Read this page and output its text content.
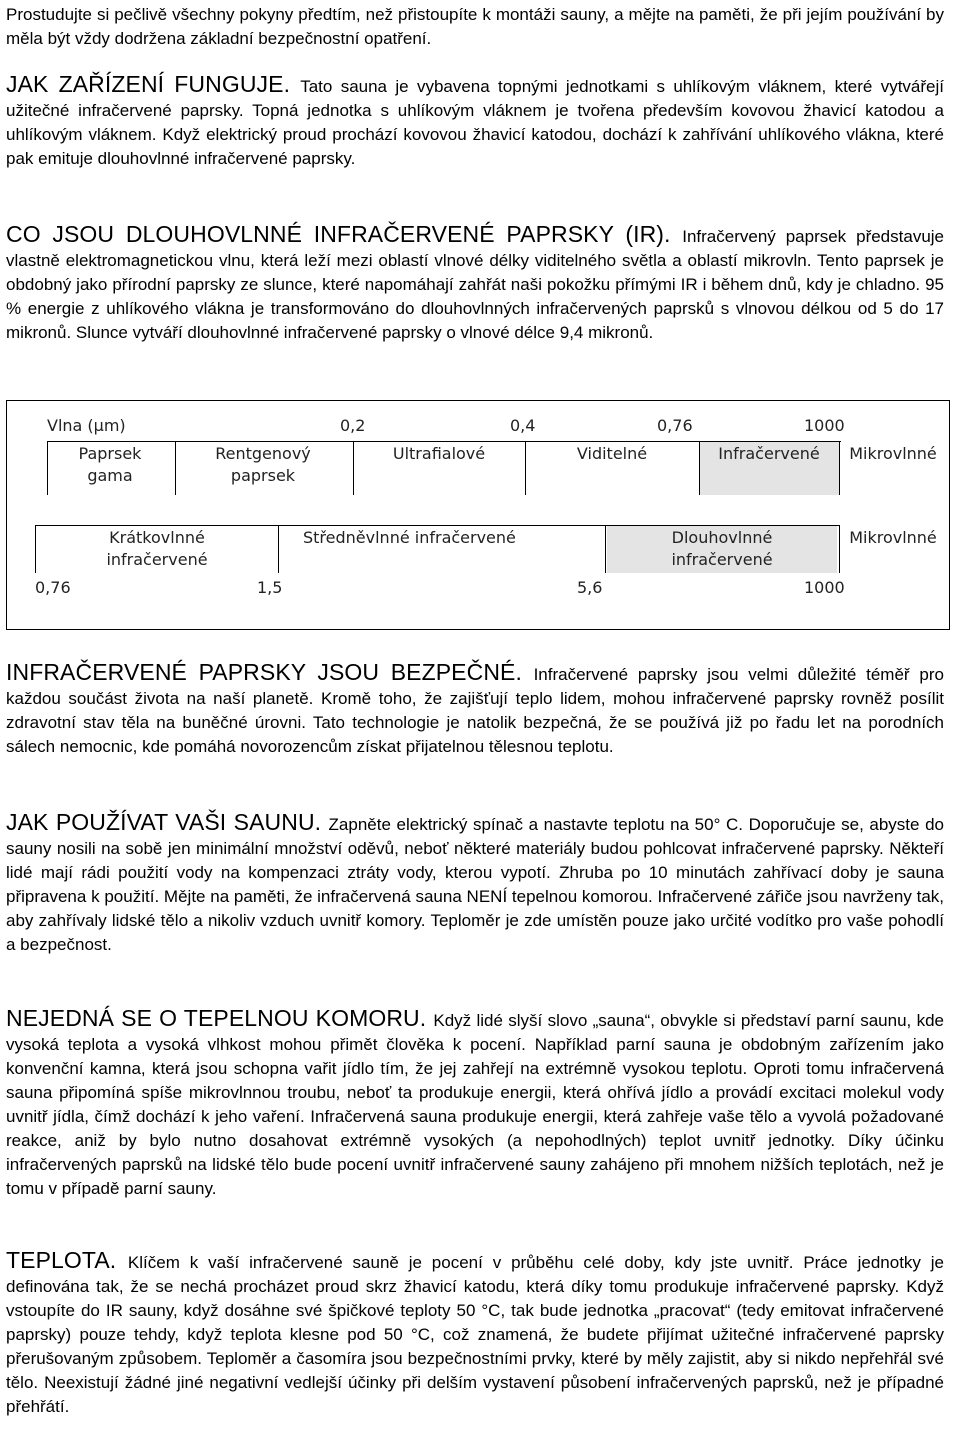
Prostudujte si pečlivě všechny pokyny předtím, než přistoupíte k montáži sauny, a mějte na paměti, že při jejím používání by měla být vždy dodržena základní bezpečnostní opatření.

JAK ZAŘÍZENÍ FUNGUJE. Tato sauna je vybavena topnými jednotkami s uhlíkovým vláknem, které vytvářejí užitečné infračervené paprsky. Topná jednotka s uhlíkovým vláknem je tvořena především kovovou žhavicí katodou a uhlíkovým vláknem. Když elektrický proud prochází kovovou žhavicí katodou, dochází k zahřívání uhlíkového vlákna, které pak emituje dlouhovlnné infračervené paprsky.

CO JSOU DLOUHOVLNNÉ INFRAČERVENÉ PAPRSKY (IR). Infračervený paprsek představuje vlastně elektromagnetickou vlnu, která leží mezi oblastí vlnové délky viditelného světla a oblastí mikrovln. Tento paprsek je obdobný jako přírodní paprsky ze slunce, které napomáhají zahřát naši pokožku přímými IR i během dnů, kdy je chladno. 95 % energie z uhlíkového vlákna je transformováno do dlouhovlnných infračervených paprsků s vlnovou délkou od 5 do 17 mikronů. Slunce vytváří dlouhovlnné infračervené paprsky o vlnové délce 9,4 mikronů.

Vlna (µm)	0,2	0,4	0,76	1000
Paprsek gama
Rentgenový paprsek
Ultrafialové	Viditelné	Infračervené	Mikrovlnné
Krátkovlnné infračervené
Středněvlnné infračervené	Dlouhovlnné infračervené
Mikrovlnné
0,76	1,5	5,6	1000

INFRAČERVENÉ PAPRSKY JSOU BEZPEČNÉ. Infračervené paprsky jsou velmi důležité téměř pro každou součást života na naší planetě. Kromě toho, že zajišťují teplo lidem, mohou infračervené paprsky rovněž posílit zdravotní stav těla na buněčné úrovni. Tato technologie je natolik bezpečná, že se používá již po řadu let na porodních sálech nemocnic, kde pomáhá novorozencům získat přijatelnou tělesnou teplotu.

JAK POUŽÍVAT VAŠI SAUNU. Zapněte elektrický spínač a nastavte teplotu na 50° C. Doporučuje se, abyste do sauny nosili na sobě jen minimální množství oděvů, neboť některé materiály budou pohlcovat infračervené paprsky. Někteří lidé mají rádi použití vody na kompenzaci ztráty vody, kterou vypotí. Zhruba po 10 minutách zahřívací doby je sauna připravena k použití. Mějte na paměti, že infračervená sauna NENÍ tepelnou komorou. Infračervené zářiče jsou navrženy tak, aby zahřívaly lidské tělo a nikoliv vzduch uvnitř komory. Teploměr je zde umístěn pouze jako určité vodítko pro vaše pohodlí a bezpečnost.

NEJEDNÁ SE O TEPELNOU KOMORU. Když lidé slyší slovo „sauna“, obvykle si představí parní saunu, kde vysoká teplota a vysoká vlhkost mohou přimět člověka k pocení. Například parní sauna je obdobným zařízením jako konvenční kamna, která jsou schopna vařit jídlo tím, že jej zahřejí na extrémně vysokou teplotu. Oproti tomu infračervená sauna připomíná spíše mikrovlnnou troubu, neboť ta produkuje energii, která ohřívá jídlo a provádí excitaci molekul vody uvnitř jídla, čímž dochází k jeho vaření. Infračervená sauna produkuje energii, která zahřeje vaše tělo a vyvolá požadované reakce, aniž by bylo nutno dosahovat extrémně vysokých (a nepohodlných) teplot uvnitř jednotky. Díky účinku infračervených paprsků na lidské tělo bude pocení uvnitř infračervené sauny zahájeno při mnohem nižších teplotách, než je tomu v případě parní sauny.

TEPLOTA. Klíčem k vaší infračervené sauně je pocení v průběhu celé doby, kdy jste uvnitř. Práce jednotky je definována tak, že se nechá procházet proud skrz žhavicí katodu, která díky tomu produkuje infračervené paprsky. Když vstoupíte do IR sauny, když dosáhne své špičkové teploty 50 °C, tak bude jednotka „pracovat“ (tedy emitovat infračervené paprsky) pouze tehdy, když teplota klesne pod 50 °C, což znamená, že budete přijímat užitečné infračervené paprsky přerušovaným způsobem. Teploměr a časomíra jsou bezpečnostními prvky, které by měly zajistit, aby si nikdo nepřehřál své tělo. Neexistují žádné jiné negativní vedlejší účinky při delším vystavení působení infračervených paprsků, než je případné přehřátí.
